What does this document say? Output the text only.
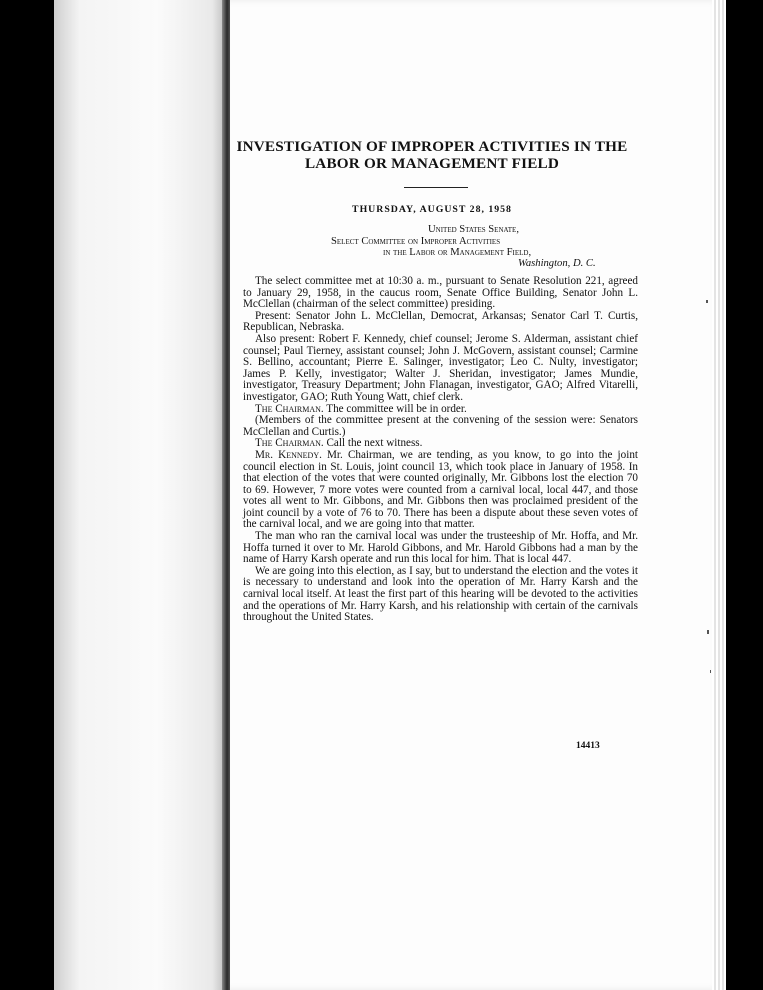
INVESTIGATION OF IMPROPER ACTIVITIES IN THE LABOR OR MANAGEMENT FIELD
THURSDAY, AUGUST 28, 1958
United States Senate,
Select Committee on Improper Activities
in the Labor or Management Field,
Washington, D. C.

The select committee met at 10:30 a. m., pursuant to Senate Resolution 221, agreed to January 29, 1958, in the caucus room, Senate Office Building, Senator John L. McClellan (chairman of the select committee) presiding.

Present: Senator John L. McClellan, Democrat, Arkansas; Senator Carl T. Curtis, Republican, Nebraska.

Also present: Robert F. Kennedy, chief counsel; Jerome S. Alderman, assistant chief counsel; Paul Tierney, assistant counsel; John J. McGovern, assistant counsel; Carmine S. Bellino, accountant; Pierre E. Salinger, investigator; Leo C. Nulty, investigator; James P. Kelly, investigator; Walter J. Sheridan, investigator; James Mundie, investigator, Treasury Department; John Flanagan, investigator, GAO; Alfred Vitarelli, investigator, GAO; Ruth Young Watt, chief clerk.

The Chairman. The committee will be in order.

(Members of the committee present at the convening of the session were: Senators McClellan and Curtis.)

The Chairman. Call the next witness.

Mr. Kennedy. Mr. Chairman, we are tending, as you know, to go into the joint council election in St. Louis, joint council 13, which took place in January of 1958. In that election of the votes that were counted originally, Mr. Gibbons lost the election 70 to 69. However, 7 more votes were counted from a carnival local, local 447, and those votes all went to Mr. Gibbons, and Mr. Gibbons then was proclaimed president of the joint council by a vote of 76 to 70. There has been a dispute about these seven votes of the carnival local, and we are going into that matter.

The man who ran the carnival local was under the trusteeship of Mr. Hoffa, and Mr. Hoffa turned it over to Mr. Harold Gibbons, and Mr. Harold Gibbons had a man by the name of Harry Karsh operate and run this local for him. That is local 447.

We are going into this election, as I say, but to understand the election and the votes it is necessary to understand and look into the operation of Mr. Harry Karsh and the carnival local itself. At least the first part of this hearing will be devoted to the activities and the operations of Mr. Harry Karsh, and his relationship with certain of the carnivals throughout the United States.

14413
